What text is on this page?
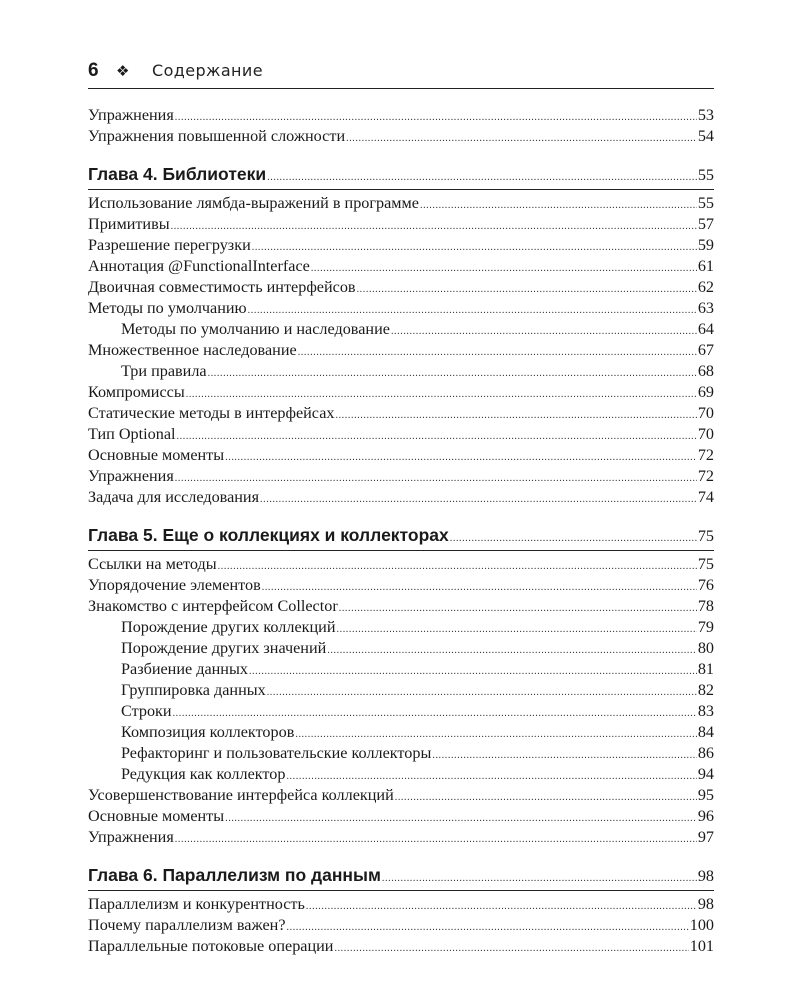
6	❖	Содержание
Упражнения .....	53
Упражнения повышенной сложности .....	54
Глава 4. Библиотеки .....	55
Использование лямбда-выражений в программе .....	55
Примитивы .....	57
Разрешение перегрузки .....	59
Аннотация @FunctionalInterface .....	61
Двоичная совместимость интерфейсов .....	62
Методы по умолчанию .....	63
Методы по умолчанию и наследование .....	64
Множественное наследование .....	67
Три правила .....	68
Компромиссы .....	69
Статические методы в интерфейсах .....	70
Тип Optional .....	70
Основные моменты .....	72
Упражнения .....	72
Задача для исследования .....	74
Глава 5. Еще о коллекциях и коллекторах .....	75
Ссылки на методы .....	75
Упорядочение элементов .....	76
Знакомство с интерфейсом Collector .....	78
Порождение других коллекций .....	79
Порождение других значений .....	80
Разбиение данных .....	81
Группировка данных .....	82
Строки .....	83
Композиция коллекторов .....	84
Рефакторинг и пользовательские коллекторы .....	86
Редукция как коллектор .....	94
Усовершенствование интерфейса коллекций .....	95
Основные моменты .....	96
Упражнения .....	97
Глава 6. Параллелизм по данным .....	98
Параллелизм и конкурентность .....	98
Почему параллелизм важен? .....	100
Параллельные потоковые операции .....	101
